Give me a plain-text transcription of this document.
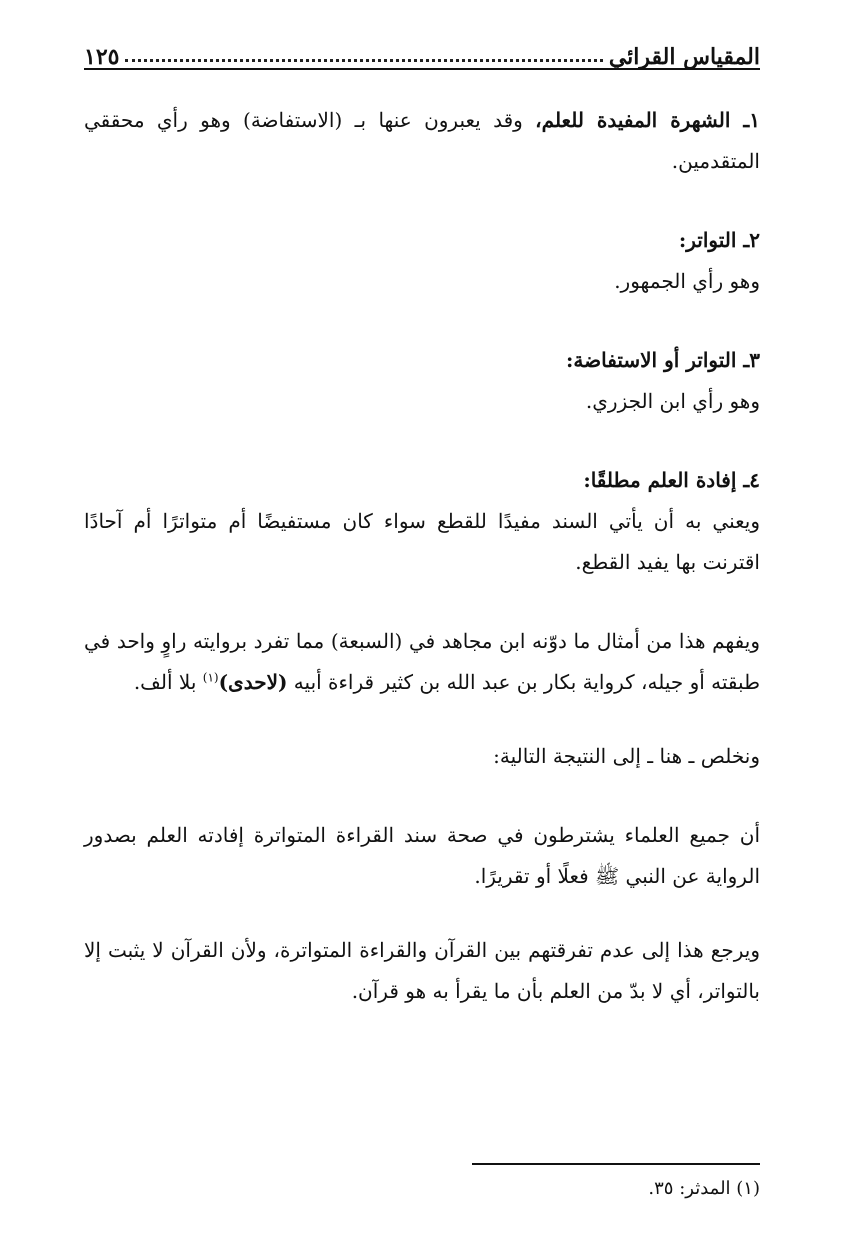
المقياس القرائي
١٢٥

١ـ الشهرة المفيدة للعلم، وقد يعبرون عنها بـ (الاستفاضة) وهو رأي محققي المتقدمين.

٢ـ التواتر:

وهو رأي الجمهور.

٣ـ التواتر أو الاستفاضة:

وهو رأي ابن الجزري.

٤ـ إفادة العلم مطلقًا:

ويعني به أن يأتي السند مفيدًا للقطع سواء كان مستفيضًا أم متواترًا أم آحادًا اقترنت بها يفيد القطع.

ويفهم هذا من أمثال ما دوّنه ابن مجاهد في (السبعة) مما تفرد بروايته راوٍ واحد في طبقته أو جيله، كرواية بكار بن عبد الله بن كثير قراءة أبيه (لاحدى)$^{(١)}$ بلا ألف.

ونخلص ـ هنا ـ إلى النتيجة التالية:

أن جميع العلماء يشترطون في صحة سند القراءة المتواترة إفادته العلم بصدور الرواية عن النبي ﷺ فعلًا أو تقريرًا.

ويرجع هذا إلى عدم تفرقتهم بين القرآن والقراءة المتواترة، ولأن القرآن لا يثبت إلا بالتواتر، أي لا بدّ من العلم بأن ما يقرأ به هو قرآن.

(١) المدثر: ٣٥.
